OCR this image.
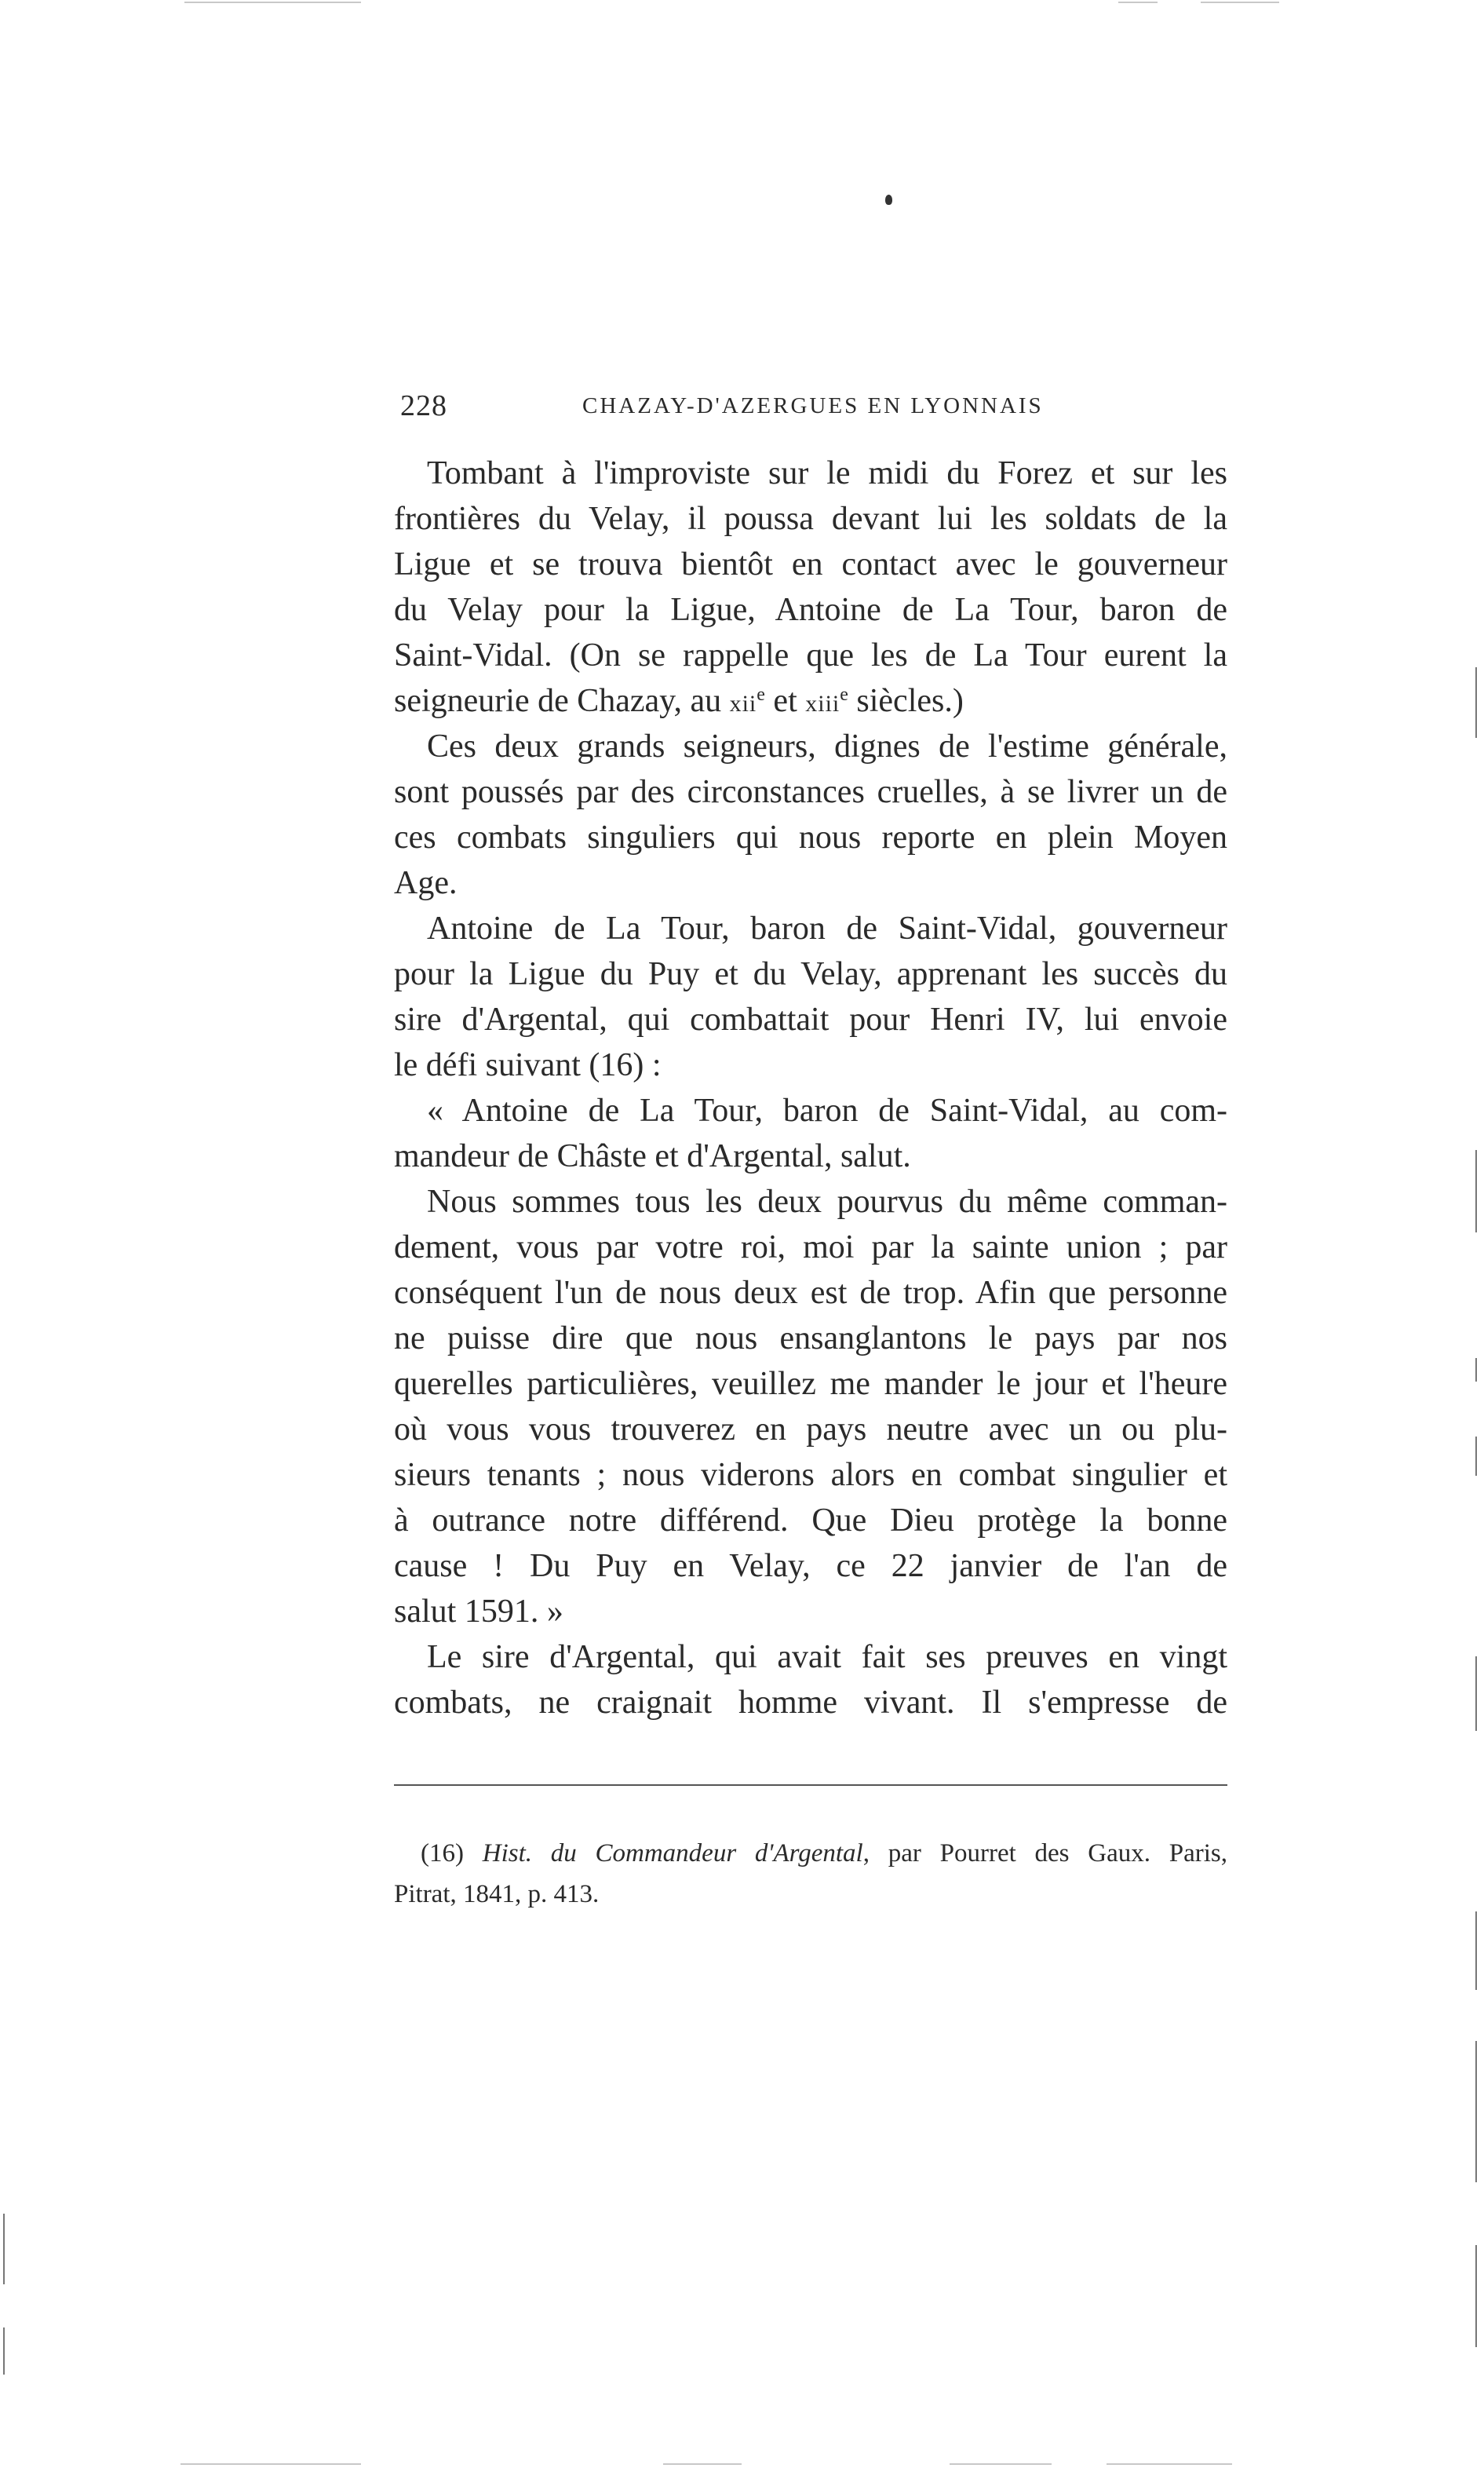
228	CHAZAY-D'AZERGUES EN LYONNAIS
Tombant à l'improviste sur le midi du Forez et sur les
frontières du Velay, il poussa devant lui les soldats de la
Ligue et se trouva bientôt en contact avec le gouverneur
du Velay pour la Ligue, Antoine de La Tour, baron de
Saint-Vidal. (On se rappelle que les de La Tour eurent la
seigneurie de Chazay, au xii$^e$ et xiii$^e$ siècles.)
Ces deux grands seigneurs, dignes de l'estime générale,
sont poussés par des circonstances cruelles, à se livrer un de
ces combats singuliers qui nous reporte en plein Moyen
Age.
Antoine de La Tour, baron de Saint-Vidal, gouverneur
pour la Ligue du Puy et du Velay, apprenant les succès du
sire d'Argental, qui combattait pour Henri IV, lui envoie
le défi suivant (16) :
« Antoine de La Tour, baron de Saint-Vidal, au com-
mandeur de Châste et d'Argental, salut.
Nous sommes tous les deux pourvus du même comman-
dement, vous par votre roi, moi par la sainte union ; par
conséquent l'un de nous deux est de trop. Afin que personne
ne puisse dire que nous ensanglantons le pays par nos
querelles particulières, veuillez me mander le jour et l'heure
où vous vous trouverez en pays neutre avec un ou plu-
sieurs tenants ; nous viderons alors en combat singulier et
à outrance notre différend. Que Dieu protège la bonne
cause ! Du Puy en Velay, ce 22 janvier de l'an de
salut 1591. »
Le sire d'Argental, qui avait fait ses preuves en vingt
combats, ne craignait homme vivant. Il s'empresse de
(16) Hist. du Commandeur d'Argental, par Pourret des Gaux. Paris,
Pitrat, 1841, p. 413.
